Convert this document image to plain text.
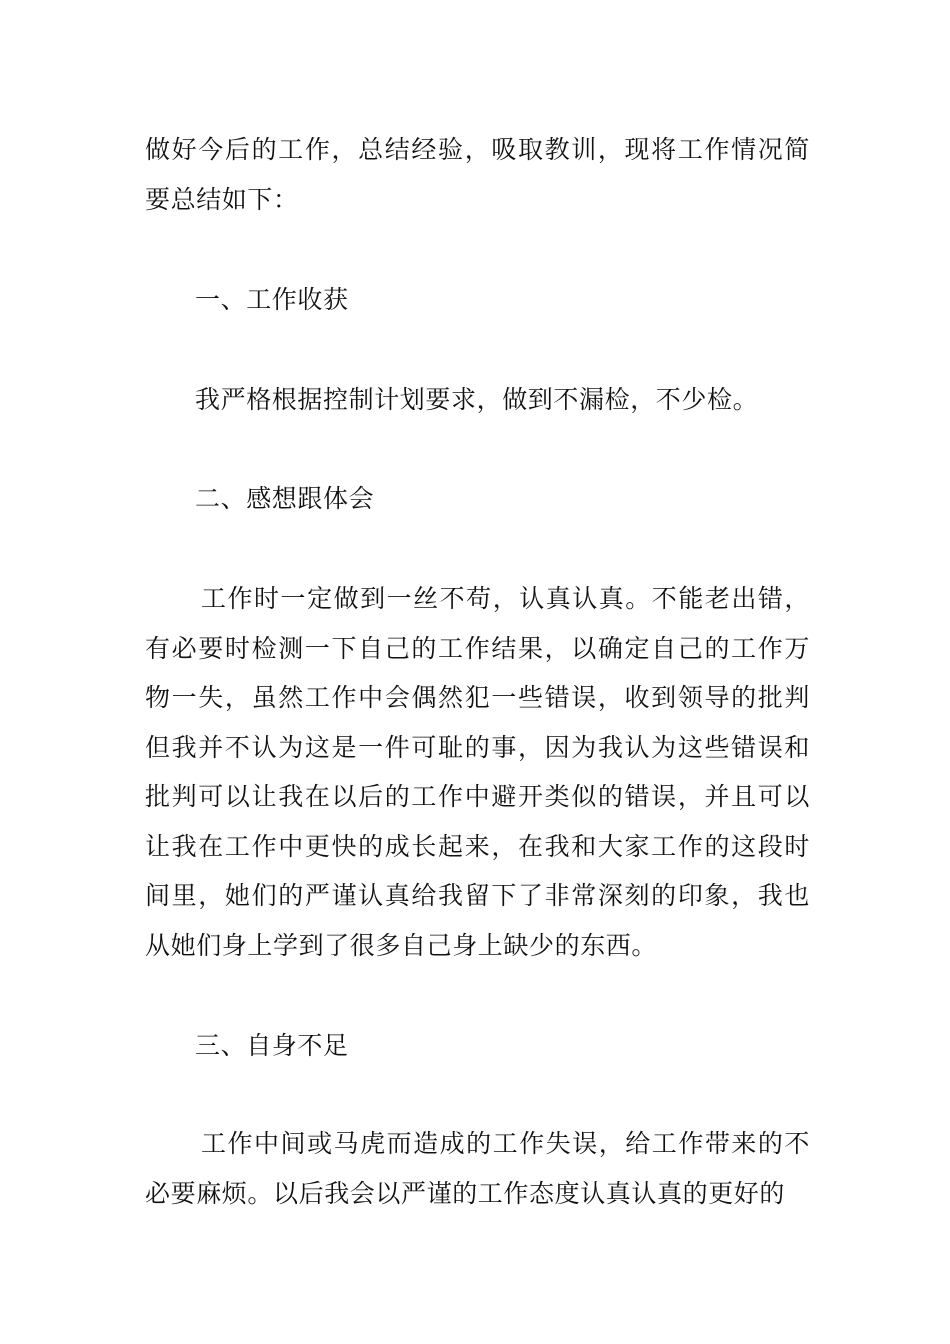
做好今后的工作，总结经验，吸取教训，现将工作情况简要总结如下：
一、工作收获
我严格根据控制计划要求，做到不漏检，不少检。
二、感想跟体会
工作时一定做到一丝不苟，认真认真。不能老出错，有必要时检测一下自己的工作结果，以确定自己的工作万物一失，虽然工作中会偶然犯一些错误，收到领导的批判但我并不认为这是一件可耻的事，因为我认为这些错误和批判可以让我在以后的工作中避开类似的错误，并且可以让我在工作中更快的成长起来，在我和大家工作的这段时间里，她们的严谨认真给我留下了非常深刻的印象，我也从她们身上学到了很多自己身上缺少的东西。
三、自身不足
工作中间或马虎而造成的工作失误，给工作带来的不必要麻烦。以后我会以严谨的工作态度认真认真的更好的
